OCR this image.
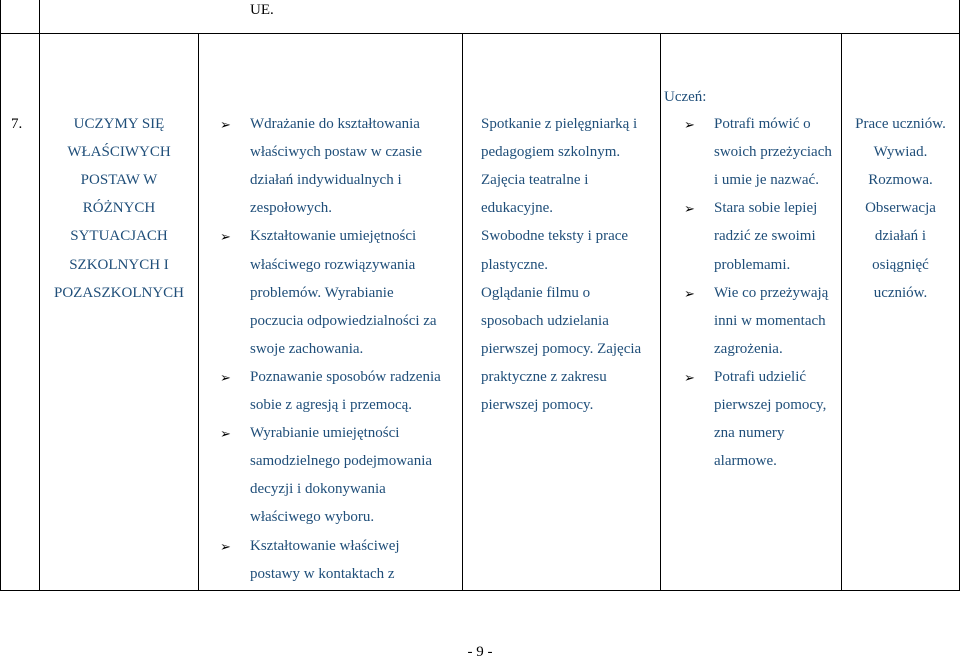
UE.
7.	UCZYMY SIĘ
WŁAŚCIWYCH
POSTAW W
RÓŻNYCH
SYTUACJACH
SZKOLNYCH I
POZASZKOLNYCH
➢ Wdrażanie do kształtowania
właściwych postaw w czasie
działań indywidualnych i
zespołowych.
➢ Kształtowanie umiejętności
właściwego rozwiązywania
problemów. Wyrabianie
poczucia odpowiedzialności za
swoje zachowania.
➢ Poznawanie sposobów radzenia
sobie z agresją i przemocą.
➢ Wyrabianie umiejętności
samodzielnego podejmowania
decyzji i dokonywania
właściwego wyboru.
➢ Kształtowanie właściwej
postawy w kontaktach z
Spotkanie z pielęgniarką i
pedagogiem szkolnym.
Zajęcia teatralne i
edukacyjne.
Swobodne teksty i prace
plastyczne.
Oglądanie filmu o
sposobach udzielania
pierwszej pomocy. Zajęcia
praktyczne z zakresu
pierwszej pomocy.
Uczeń:
➢ Potrafi mówić o
swoich przeżyciach
i umie je nazwać.
➢ Stara sobie lepiej
radzić ze swoimi
problemami.
➢ Wie co przeżywają
inni w momentach
zagrożenia.
➢ Potrafi udzielić
pierwszej pomocy,
zna numery
alarmowe.
Prace uczniów.
Wywiad.
Rozmowa.
Obserwacja
działań i
osiągnięć
uczniów.
- 9 -
